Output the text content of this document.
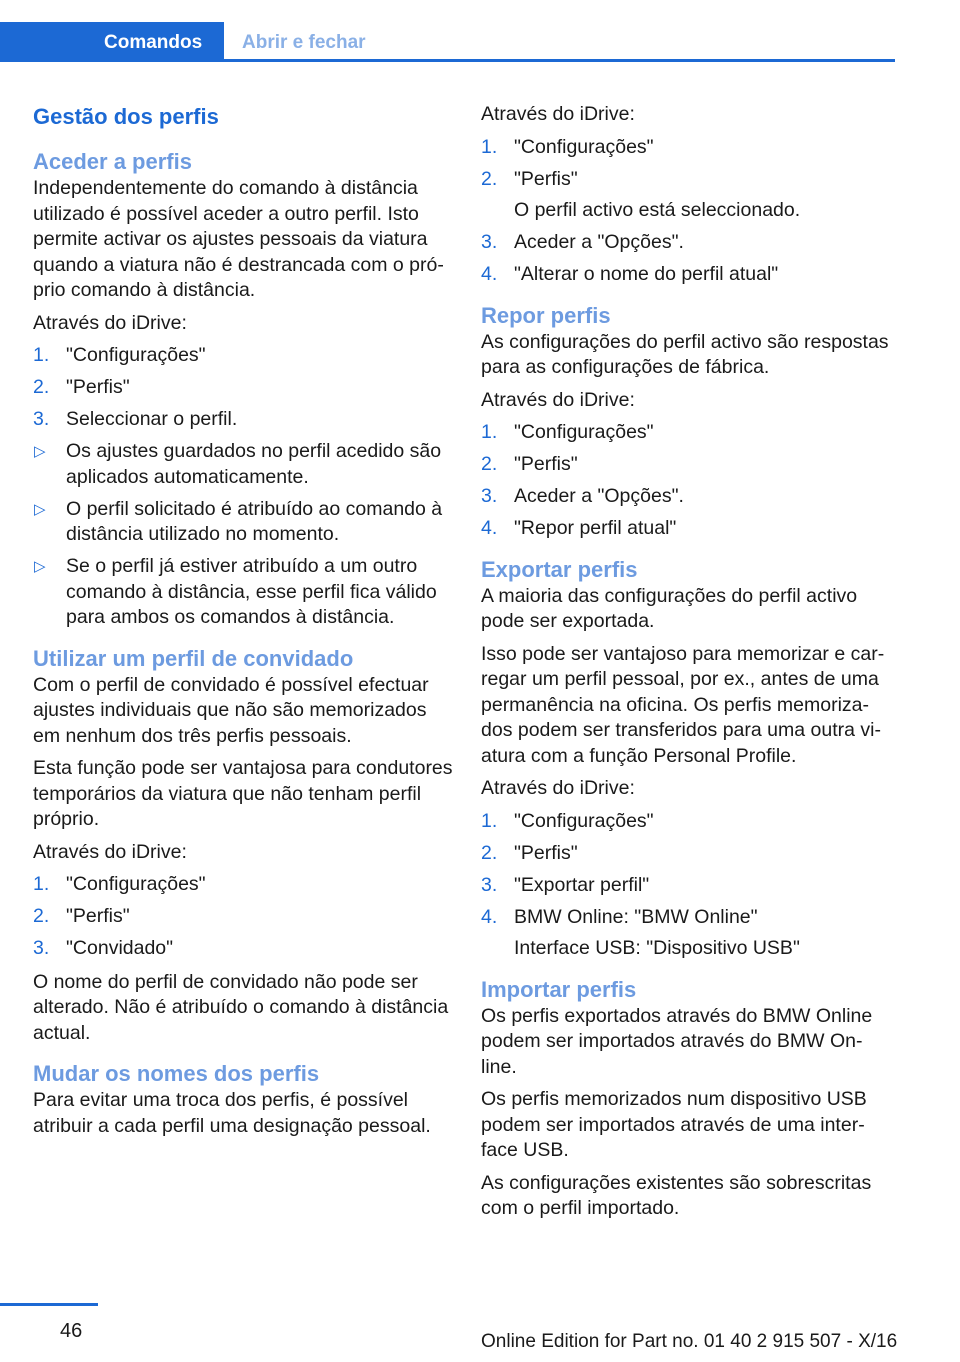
Comandos	Abrir e fechar
Gestão dos perfis
Aceder a perfis
Independentemente do comando à distância utilizado é possível aceder a outro perfil. Isto permite activar os ajustes pessoais da viatura quando a viatura não é destrancada com o próprio comando à distância.
Através do iDrive:
1. "Configurações"
2. "Perfis"
3. Seleccionar o perfil.
▷ Os ajustes guardados no perfil acedido são aplicados automaticamente.
▷ O perfil solicitado é atribuído ao comando à distância utilizado no momento.
▷ Se o perfil já estiver atribuído a um outro comando à distância, esse perfil fica válido para ambos os comandos à distância.
Utilizar um perfil de convidado
Com o perfil de convidado é possível efectuar ajustes individuais que não são memorizados em nenhum dos três perfis pessoais.
Esta função pode ser vantajosa para condutores temporários da viatura que não tenham perfil próprio.
Através do iDrive:
1. "Configurações"
2. "Perfis"
3. "Convidado"
O nome do perfil de convidado não pode ser alterado. Não é atribuído o comando à distância actual.
Mudar os nomes dos perfis
Para evitar uma troca dos perfis, é possível atribuir a cada perfil uma designação pessoal.
Através do iDrive:
1. "Configurações"
2. "Perfis"
O perfil activo está seleccionado.
3. Aceder a "Opções".
4. "Alterar o nome do perfil atual"
Repor perfis
As configurações do perfil activo são respostas para as configurações de fábrica.
Através do iDrive:
1. "Configurações"
2. "Perfis"
3. Aceder a "Opções".
4. "Repor perfil atual"
Exportar perfis
A maioria das configurações do perfil activo pode ser exportada.
Isso pode ser vantajoso para memorizar e carregar um perfil pessoal, por ex., antes de uma permanência na oficina. Os perfis memorizados podem ser transferidos para uma outra viatura com a função Personal Profile.
Através do iDrive:
1. "Configurações"
2. "Perfis"
3. "Exportar perfil"
4. BMW Online: "BMW Online"
Interface USB: "Dispositivo USB"
Importar perfis
Os perfis exportados através do BMW Online podem ser importados através do BMW Online.
Os perfis memorizados num dispositivo USB podem ser importados através de uma interface USB.
As configurações existentes são sobrescritas com o perfil importado.
46	Online Edition for Part no. 01 40 2 915 507 - X/16
